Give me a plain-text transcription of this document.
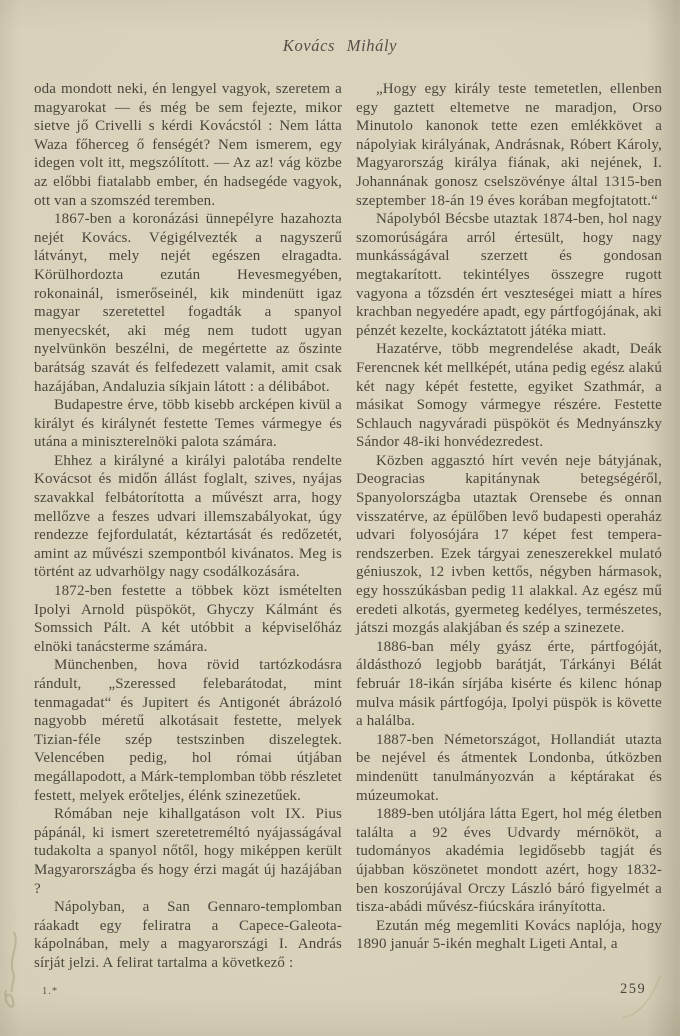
Kovács Mihály

oda mondott neki, én lengyel vagyok, szeretem a magyarokat — és még be sem fejezte, mikor sietve jő Crivelli s kérdi Kovácstól : Nem látta Waza főherceg ő fenségét? Nem ismerem, egy idegen volt itt, megszólított. — Az az! vág közbe az előbbi fiatalabb ember, én hadsegéde vagyok, ott van a szomszéd teremben.

1867-ben a koronázási ünnepélyre hazahozta nejét Kovács. Végigélvezték a nagyszerű látványt, mely nejét egészen elragadta. Körülhordozta ezután Hevesmegyében, rokonainál, ismerőseinél, kik mindenütt igaz magyar szeretettel fogadták a spanyol menyecskét, aki még nem tudott ugyan nyelvünkön beszélni, de megértette az őszinte barátság szavát és felfedezett valamit, amit csak hazájában, Andaluzia síkjain látott : a délibábot.

Budapestre érve, több kisebb arcképen kivül a királyt és királynét festette Temes vármegye és utána a miniszterelnöki palota számára.

Ehhez a királyné a királyi palotába rendelte Kovácsot és midőn állást foglalt, szives, nyájas szavakkal felbátorította a művészt arra, hogy mellőzve a feszes udvari illemszabályokat, úgy rendezze fejfordulatát, kéztartását és redőzetét, amint az művészi szempontból kivánatos. Meg is történt az udvarhölgy nagy csodálkozására.

1872-ben festette a többek közt ismételten Ipolyi Arnold püspököt, Ghyczy Kálmánt és Somssich Pált. A két utóbbit a képviselőház elnöki tanácsterme számára.

Münchenben, hova rövid tartózkodásra rándult, „Szeressed felebarátodat, mint tenmagadat“ és Jupitert és Antigonét ábrázoló nagyobb méretű alkotásait festette, melyek Tizian-féle szép testszinben diszelegtek. Velencében pedig, hol római útjában megállapodott, a Márk-templomban több részletet festett, melyek erőteljes, élénk szinezetűek.

Rómában neje kihallgatáson volt IX. Pius pápánál, ki ismert szeretetreméltó nyájasságával tudakolta a spanyol nőtől, hogy miképpen került Magyarországba és hogy érzi magát új hazájában ?

Nápolyban, a San Gennaro-templomban ráakadt egy feliratra a Capece-Galeota-kápolnában, mely a magyarországi I. András sírját jelzi. A felirat tartalma a következő :

„Hogy egy király teste temetetlen, ellenben egy gaztett eltemetve ne maradjon, Orso Minutolo kanonok tette ezen emlékkövet a nápolyiak királyának, Andrásnak, Róbert Károly, Magyarország királya fiának, aki nejének, I. Johannának gonosz cselszövénye által 1315-ben szeptember 18-án 19 éves korában megfojtatott.“

Nápolyból Bécsbe utaztak 1874-ben, hol nagy szomorúságára arról értesült, hogy nagy munkásságával szerzett és gondosan megtakarított. tekintélyes összegre rugott vagyona a tőzsdén ért veszteségei miatt a híres krachban negyedére apadt, egy pártfogójának, aki pénzét kezelte, kockáztatott játéka miatt.

Hazatérve, több megrendelése akadt, Deák Ferencnek két mellképét, utána pedig egész alakú két nagy képét festette, egyiket Szathmár, a másikat Somogy vármegye részére. Festette Schlauch nagyváradi püspököt és Mednyánszky Sándor 48-iki honvédezredest.

Közben aggasztó hírt vevén neje bátyjának, Deogracias kapitánynak betegségéről, Spanyolországba utaztak Orensebe és onnan visszatérve, az épülőben levő budapesti operaház udvari folyosójára 17 képet fest tempera-rendszerben. Ezek tárgyai zeneszerekkel mulató géniuszok, 12 ivben kettős, négyben hármasok, egy hosszúkásban pedig 11 alakkal. Az egész mű eredeti alkotás, gyermeteg kedélyes, természetes, játszi mozgás alakjában és szép a szinezete.

1886-ban mély gyász érte, pártfogóját, áldásthozó legjobb barátját, Tárkányi Bélát február 18-ikán sírjába kisérte és kilenc hónap mulva másik pártfogója, Ipolyi püspök is követte a halálba.

1887-ben Németországot, Hollandiát utazta be nejével és átmentek Londonba, útközben mindenütt tanulmányozván a képtárakat és múzeumokat.

1889-ben utóljára látta Egert, hol még életben találta a 92 éves Udvardy mérnököt, a tudományos akadémia legidősebb tagját és újabban köszönetet mondott azért, hogy 1832-ben koszorújával Orczy László báró figyelmét a tisza-abádi művész-fiúcskára irányította.

Ezután még megemliti Kovács naplója, hogy 1890 január 5-ikén meghalt Ligeti Antal, a

1.*	259
